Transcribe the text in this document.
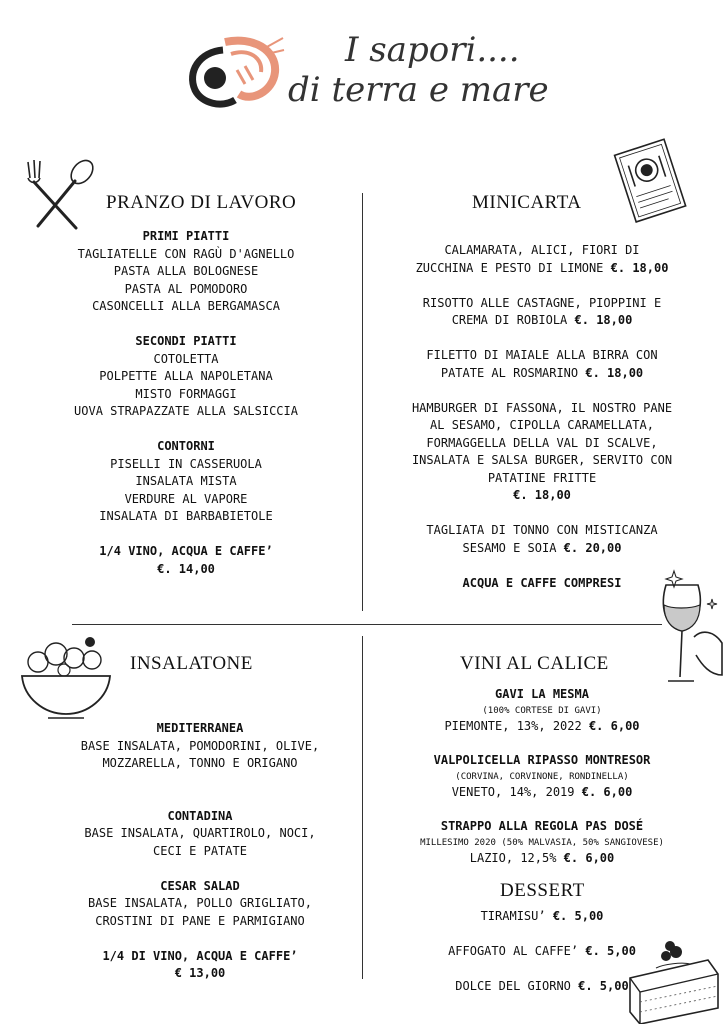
I sapori....
di terra e mare
PRANZO DI LAVORO
PRIMI PIATTI
TAGLIATELLE CON RAGÙ D'AGNELLO
PASTA ALLA BOLOGNESE
PASTA AL POMODORO
CASONCELLI ALLA BERGAMASCA
SECONDI PIATTI
COTOLETTA
POLPETTE ALLA NAPOLETANA
MISTO FORMAGGI
UOVA STRAPAZZATE ALLA SALSICCIA
CONTORNI
PISELLI IN CASSERUOLA
INSALATA MISTA
VERDURE AL VAPORE
INSALATA DI BARBABIETOLE
1/4 VINO, ACQUA E CAFFE’
€. 14,00
MINICARTA
CALAMARATA, ALICI, FIORI DI
ZUCCHINA E PESTO DI LIMONE €. 18,00
RISOTTO ALLE CASTAGNE, PIOPPINI E
CREMA DI ROBIOLA €. 18,00
FILETTO DI MAIALE ALLA BIRRA CON
PATATE AL ROSMARINO €. 18,00
HAMBURGER DI FASSONA, IL NOSTRO PANE
AL SESAMO, CIPOLLA CARAMELLATA,
FORMAGGELLA DELLA VAL DI SCALVE,
INSALATA E SALSA BURGER, SERVITO CON
PATATINE FRITTE
€. 18,00
TAGLIATA DI TONNO CON MISTICANZA
SESAMO E SOIA €. 20,00
ACQUA E CAFFE COMPRESI
INSALATONE
MEDITERRANEA
BASE INSALATA, POMODORINI, OLIVE,
MOZZARELLA, TONNO E ORIGANO
CONTADINA
BASE INSALATA, QUARTIROLO, NOCI,
CECI E PATATE
CESAR SALAD
BASE INSALATA, POLLO GRIGLIATO,
CROSTINI DI PANE E PARMIGIANO
1/4 DI VINO, ACQUA E CAFFE’
€ 13,00
VINI AL CALICE
GAVI LA MESMA
(100% CORTESE DI GAVI)
PIEMONTE, 13%, 2022 €. 6,00
VALPOLICELLA RIPASSO MONTRESOR
(CORVINA, CORVINONE, RONDINELLA)
VENETO, 14%, 2019 €. 6,00
STRAPPO ALLA REGOLA PAS DOSÉ
MILLESIMO 2020 (50% MALVASIA, 50% SANGIOVESE)
LAZIO, 12,5% €. 6,00
DESSERT
TIRAMISU’ €. 5,00
AFFOGATO AL CAFFE’ €. 5,00
DOLCE DEL GIORNO €. 5,00
